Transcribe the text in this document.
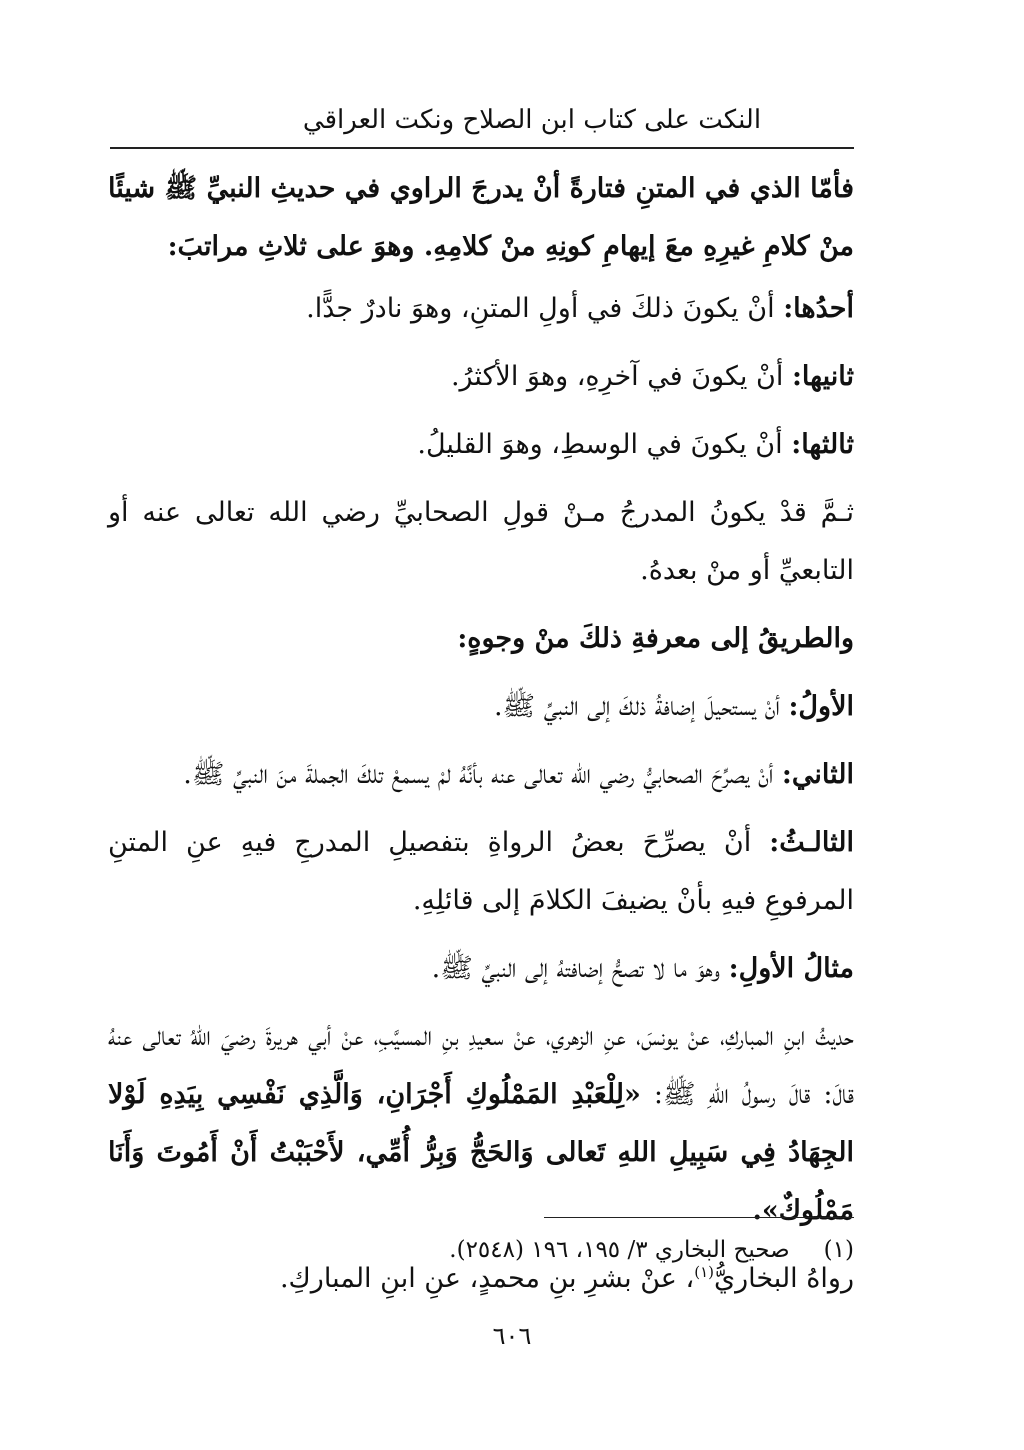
النكت على كتاب ابن الصلاح ونكت العراقي

فأمّا الذي في المتنِ فتارةً أنْ يدرجَ الراوي في حديثِ النبيِّ ﷺ شيئًا منْ كلامِ غيرِهِ معَ إيهامِ كونِهِ منْ كلامِهِ. وهوَ على ثلاثِ مراتبَ:

أحدُها: أنْ يكونَ ذلكَ في أولِ المتنِ، وهوَ نادرٌ جدًّا.

ثانيها: أنْ يكونَ في آخرِهِ، وهوَ الأكثرُ.

ثالثها: أنْ يكونَ في الوسطِ، وهوَ القليلُ.

ثـمَّ قدْ يكونُ المدرجُ مـنْ قولِ الصحابيِّ رضي الله تعالى عنه أو التابعيِّ أو منْ بعدهُ.

والطريقُ إلى معرفةِ ذلكَ منْ وجوهٍ:

الأولُ: أنْ يستحيلَ إضافةُ ذلكَ إلى النبيِّ ﷺ.

الثاني: أنْ يصرِّحَ الصحابيُّ رضي الله تعالى عنه بأنَّهُ لمْ يسمعْ تلكَ الجملةَ منَ النبيِّ ﷺ.

الثالـثُ: أنْ يصرِّحَ بعضُ الرواةِ بتفصيلِ المدرجِ فيهِ عنِ المتنِ المرفوعِ فيهِ بأنْ يضيفَ الكلامَ إلى قائلِهِ.

مثالُ الأولِ: وهوَ ما لا تصحُّ إضافتهُ إلى النبيِّ ﷺ.

حديثُ ابنِ المباركِ، عنْ يونسَ، عنِ الزهري، عنْ سعيدِ بنِ المسيَّبِ، عنْ أبي هريرةَ رضيَ اللهُ تعالى عنهُ قالَ: قالَ رسولُ اللهِ ﷺ: «لِلْعَبْدِ المَمْلُوكِ أَجْرَانِ، وَالَّذِي نَفْسِي بِيَدِهِ لَوْلا الجِهَادُ فِي سَبِيلِ اللهِ تَعالى وَالحَجُّ وَبِرُّ أُمِّي، لأَحْبَبْتُ أَنْ أَمُوتَ وَأَنَا مَمْلُوكٌ».

رواهُ البخاريُّ$^{(١)}$، عنْ بشرِ بنِ محمدٍ، عنِ ابنِ المباركِ.

(١)صحيح البخاري ٣/ ١٩٥، ١٩٦ (٢٥٤٨).
٦٠٦
